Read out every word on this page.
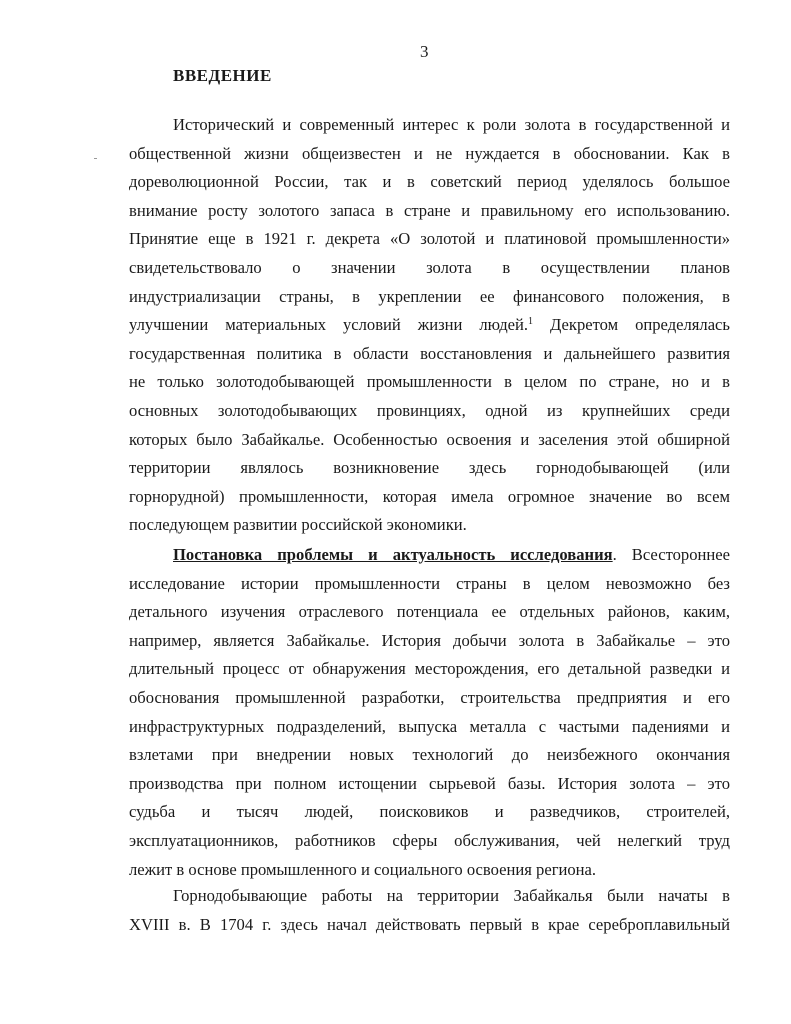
3
ВВЕДЕНИЕ
Исторический и современный интерес к роли золота в государственной и
общественной жизни общеизвестен и не нуждается в обосновании. Как в
дореволюционной России, так и в советский период уделялось большое
внимание росту золотого запаса в стране и правильному его использованию.
Принятие еще в 1921 г. декрета «О золотой и платиновой промышленности»
свидетельствовало о значении золота в осуществлении планов
индустриализации страны, в укреплении ее финансового положения, в
улучшении материальных условий жизни людей.$^1$ Декретом определялась
государственная политика в области восстановления и дальнейшего развития
не только золотодобывающей промышленности в целом по стране, но и в
основных золотодобывающих провинциях, одной из крупнейших среди
которых было Забайкалье. Особенностью освоения и заселения этой обширной
территории являлось возникновение здесь горнодобывающей (или
горнорудной) промышленности, которая имела огромное значение во всем
последующем развитии российской экономики.
Постановка проблемы и актуальность исследования. Всестороннее
исследование истории промышленности страны в целом невозможно без
детального изучения отраслевого потенциала ее отдельных районов, каким,
например, является Забайкалье. История добычи золота в Забайкалье – это
длительный процесс от обнаружения месторождения, его детальной разведки и
обоснования промышленной разработки, строительства предприятия и его
инфраструктурных подразделений, выпуска металла с частыми падениями и
взлетами при внедрении новых технологий до неизбежного окончания
производства при полном истощении сырьевой базы. История золота – это
судьба и тысяч людей, поисковиков и разведчиков, строителей,
эксплуатационников, работников сферы обслуживания, чей нелегкий труд
лежит в основе промышленного и социального освоения региона.
Горнодобывающие работы на территории Забайкалья были начаты в
XVIII в. В 1704 г. здесь начал действовать первый в крае сереброплавильный
